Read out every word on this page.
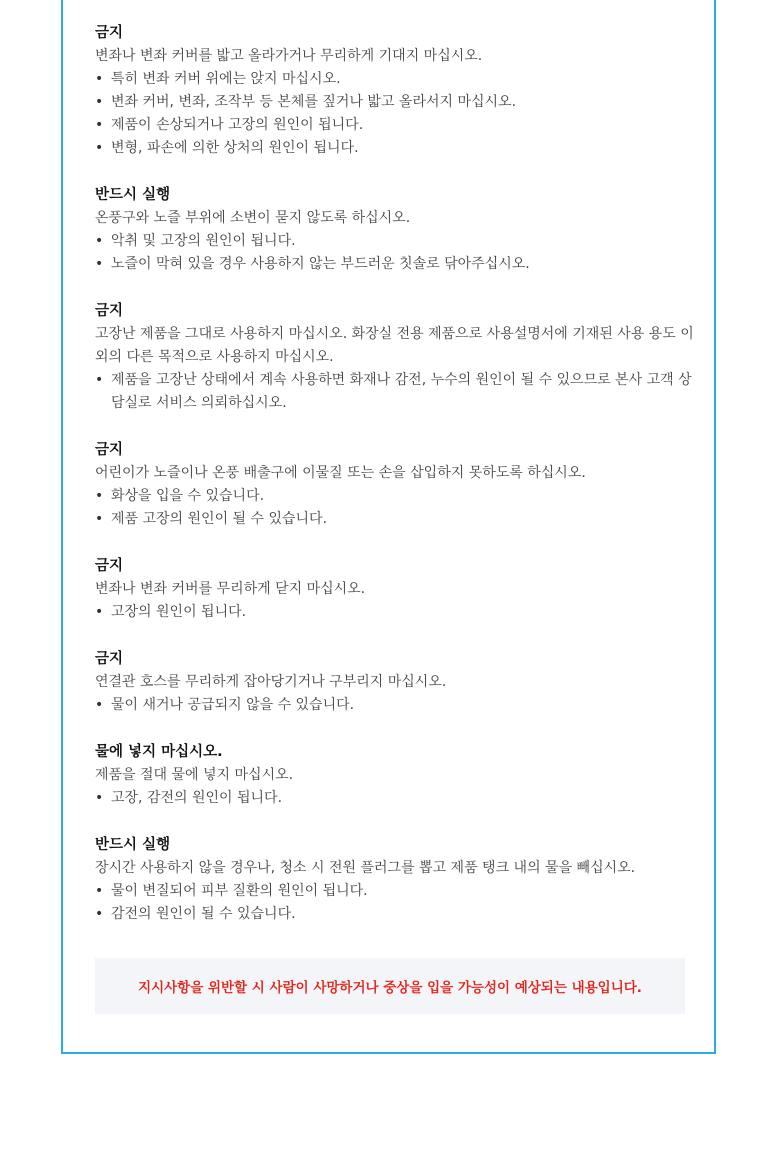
금지

변좌나 변좌 커버를 밟고 올라가거나 무리하게 기대지 마십시오.

• 특히 변좌 커버 위에는 앉지 마십시오.
• 변좌 커버, 변좌, 조작부 등 본체를 짚거나 밟고 올라서지 마십시오.
• 제품이 손상되거나 고장의 원인이 됩니다.
• 변형, 파손에 의한 상처의 원인이 됩니다.
반드시 실행

온풍구와 노즐 부위에 소변이 묻지 않도록 하십시오.

• 악취 및 고장의 원인이 됩니다.
• 노즐이 막혀 있을 경우 사용하지 않는 부드러운 칫솔로 닦아주십시오.
금지

고장난 제품을 그대로 사용하지 마십시오. 화장실 전용 제품으로 사용설명서에 기재된 사용 용도 이외의 다른 목적으로 사용하지 마십시오.

• 제품을 고장난 상태에서 계속 사용하면 화재나 감전, 누수의 원인이 될 수 있으므로 본사 고객 상담실로 서비스 의뢰하십시오.
금지

어린이가 노즐이나 온풍 배출구에 이물질 또는 손을 삽입하지 못하도록 하십시오.

• 화상을 입을 수 있습니다.
• 제품 고장의 원인이 될 수 있습니다.
금지

변좌나 변좌 커버를 무리하게 닫지 마십시오.

• 고장의 원인이 됩니다.
금지

연결관 호스를 무리하게 잡아당기거나 구부리지 마십시오.

• 물이 새거나 공급되지 않을 수 있습니다.
물에 넣지 마십시오.

제품을 절대 물에 넣지 마십시오.

• 고장, 감전의 원인이 됩니다.
반드시 실행

장시간 사용하지 않을 경우나, 청소 시 전원 플러그를 뽑고 제품 탱크 내의 물을 빼십시오.

• 물이 변질되어 피부 질환의 원인이 됩니다.
• 감전의 원인이 될 수 있습니다.
지시사항을 위반할 시 사람이 사망하거나 중상을 입을 가능성이 예상되는 내용입니다.
